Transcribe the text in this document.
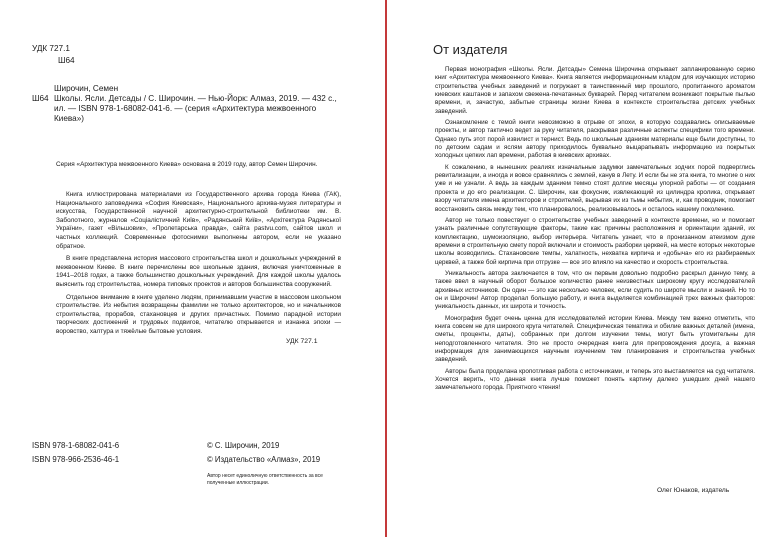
УДК 727.1
Ш64
Ш64
Широчин, Семен
Школы. Ясли. Детсады / С. Широчин. — Нью-Йорк: Алмаз, 2019. — 432 с., ил. — ISBN 978-1-68082-041-6. — (серия «Архитектура межвоенного Киева»)
Серия «Архитектура межвоенного Киева» основана в 2019 году, автор Семен Широчин.

Книга иллюстрирована материалами из Государственного архива города Киева (ГАК), Национального заповедника «София Киевская», Национального архива-музея литературы и искусства, Государственной научной архитектурно-строительной библиотеки им. В. Заболотного, журналов «Соціалістичний Київ», «Радянський Київ», «Архітектура Радянської України», газет «Вільшовик», «Пролетарська правда», сайта pastvu.com, сайтов школ и частных коллекций. Современные фотоснимки выполнены автором, если не указано обратное.

В книге представлена история массового строительства школ и дошкольных учреждений в межвоенном Киеве. В книге перечислены все школьные здания, включая уничтоженные в 1941–2018 годах, а также большинство дошкольных учреждений. Для каждой школы удалось выяснить год строительства, номера типовых проектов и авторов большинства сооружений.

Отдельное внимание в книге уделено людям, принимавшим участие в массовом школьном строительстве. Из небытия возвращены фамилии не только архитекторов, но и начальников строительства, прорабов, стахановцев и других причастных. Помимо парадной истории творческих достижений и трудовых подвигов, читателю открывается и изнанка эпохи — воровство, халтура и тяжёлые бытовые условия.

УДК 727.1
ISBN 978-1-68082-041-6
ISBN 978-966-2536-46-1
© С. Широчин, 2019
© Издательство «Алмаз», 2019
Автор несет единоличную ответственность за все полученные иллюстрации.
От издателя

Первая монография «Школы. Ясли. Детсады» Семена Широчина открывает запланированную серию книг «Архитектура межвоенного Киева». Книга является информационным кладом для изучающих историю строительства учебных заведений и погружает в таинственный мир прошлого, пропитанного ароматом киевских каштанов и запахом свежена-печатанных букварей. Перед читателем возникают покрытые пылью времени, и, зачастую, забытые страницы жизни Киева в контексте строительства детских учебных заведений.

Ознакомление с темой книги невозможно в отрыве от эпохи, в которую создавались описываемые проекты, и автор тактично ведет за руку читателя, раскрывая различные аспекты специфики того времени. Однако путь этот порой извилист и тернист. Ведь по школьным зданиям материалы еще были доступны, то по детским садам и яслям автору приходилось буквально выцарапывать информацию из покрытых холодных цепких лап времени, работая в киевских архивах.

К сожалению, в нынешних реалиях изначальные задумки замечательных зодчих порой подверглись ревитализации, а иногда и вовсе сравнялись с землей, канув в Лету. И если бы не эта книга, то многие о них уже и не узнали. А ведь за каждым зданием темно стоят долгие месяцы упорной работы — от создания проекта и до его реализации. С. Широчин, как фокусник, извлекающий из цилиндра кролика, открывает взору читателя имена архитекторов и строителей, вырывая их из тьмы небытия, и, как проводник, помогает восстановить связь между тем, что планировалось, реализовывалось и осталось нашему поколению.

Автор не только повествует о строительстве учебных заведений в контексте времени, но и помогает узнать различные сопутствующие факторы, такие как: причины расположения и ориентации зданий, их комплектацию, шумоизоляцию, выбор интерьера. Читатель узнает, что в пронизанном атеизмом духе времени в строительную смету порой включали и стоимость разборки церквей, на месте которых некоторые школы возводились. Стахановские темпы, халатность, нехватка кирпича и «добыча» его из разбираемых церквей, а также бой кирпича при отгрузке — все это влияло на качество и скорость строительства.

Уникальность автора заключается в том, что он первым довольно подробно раскрыл данную тему, а также ввел в научный оборот большое количество ранее неизвестных широкому кругу исследователей архивных источников. Он один — это как несколько человек, если судить по широте мысли и знаний. Но то он и Широчин! Автор проделал большую работу, и книга выделяется комбинацией трех важных факторов: уникальность данных, их широта и точность.

Монография будет очень ценна для исследователей истории Киева. Между тем важно отметить, что книга совсем не для широкого круга читателей. Специфическая тематика и обилие важных деталей (имена, сметы, проценты, даты), собранных при долгом изучении темы, могут быть утомительны для неподготовленного читателя. Это не просто очередная книга для препровождения досуга, а важная информация для занимающихся научным изучением тем планирования и строительства учебных заведений.

Авторы была проделана кропотливая работа с источниками, и теперь это выставляется на суд читателя. Хочется верить, что данная книга лучше поможет понять картину далеко ушедших дней нашего замечательного города. Приятного чтения!

Олег Юнаков, издатель
